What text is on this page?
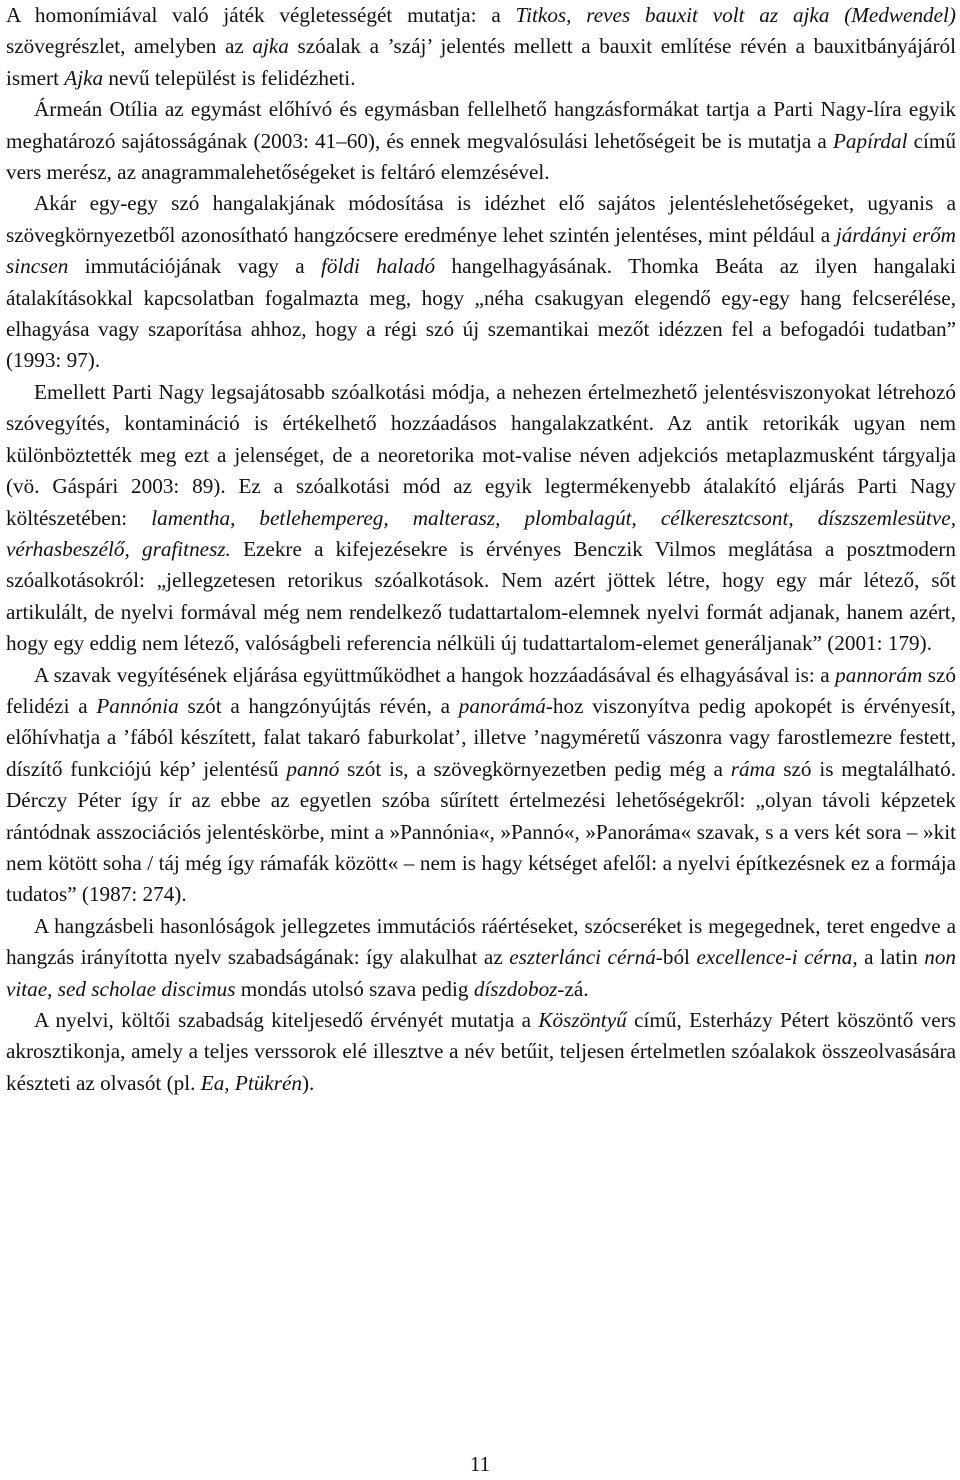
A homonímiával való játék végletességét mutatja: a Titkos, reves bauxit volt az ajka (Medwendel) szövegrészlet, amelyben az ajka szóalak a ’száj’ jelentés mellett a bauxit említése révén a bauxitbányájáról ismert Ajka nevű települést is felidézheti.

Ármeán Otília az egymást előhívó és egymásban fellelhető hangzásformákat tartja a Parti Nagy-líra egyik meghatározó sajátosságának (2003: 41–60), és ennek megvalósulási lehetőségeit be is mutatja a Papírdal című vers merész, az anagrammalehetőségeket is feltáró elemzésével.

Akár egy-egy szó hangalakjának módosítása is idézhet elő sajátos jelentéslehetőségeket, ugyanis a szövegkörnyezetből azonosítható hangzócsere eredménye lehet szintén jelentéses, mint például a járdányi erőm sincsen immutációjának vagy a földi haladó hangelhagyásának. Thomka Beáta az ilyen hangalaki átalakításokkal kapcsolatban fogalmazta meg, hogy „néha csakugyan elegendő egy-egy hang felcserélése, elhagyása vagy szaporítása ahhoz, hogy a régi szó új szemantikai mezőt idézzen fel a befogadói tudatban” (1993: 97).

Emellett Parti Nagy legsajátosabb szóalkotási módja, a nehezen értelmezhető jelentésviszonyokat létrehozó szóvegyítés, kontamináció is értékelhető hozzáadásos hangalakzatként. Az antik retorikák ugyan nem különböztették meg ezt a jelenséget, de a neoretorika mot-valise néven adjekciós metaplazmusként tárgyalja (vö. Gáspári 2003: 89). Ez a szóalkotási mód az egyik legtermékenyebb átalakító eljárás Parti Nagy költészetében: lamentha, betlehempereg, malterasz, plombalagút, célkeresztcsont, díszszemlesütve, vérhasbeszélő, grafitnesz. Ezekre a kifejezésekre is érvényes Benczik Vilmos meglátása a posztmodern szóalkotásokról: „jellegzetesen retorikus szóalkotások. Nem azért jöttek létre, hogy egy már létező, sőt artikulált, de nyelvi formával még nem rendelkező tudattartalom-elemnek nyelvi formát adjanak, hanem azért, hogy egy eddig nem létező, valóságbeli referencia nélküli új tudattartalom-elemet generáljanak” (2001: 179).

A szavak vegyítésének eljárása együttműködhet a hangok hozzáadásával és elhagyásával is: a pannorám szó felidézi a Pannónia szót a hangzónyújtás révén, a panorámá-hoz viszonyítva pedig apokopét is érvényesít, előhívhatja a ’fából készített, falat takaró faburkolat’, illetve ’nagyméretű vászonra vagy farostlemezre festett, díszítő funkciójú kép’ jelentésű pannó szót is, a szövegkörnyezetben pedig még a ráma szó is megtalálható. Dérczy Péter így ír az ebbe az egyetlen szóba sűrített értelmezési lehetőségekről: „olyan távoli képzetek rántódnak asszociációs jelentéskörbe, mint a »Pannónia«, »Pannó«, »Panoráma« szavak, s a vers két sora – »kit nem kötött soha / táj még így rámafák között« – nem is hagy kétséget afelől: a nyelvi építkezésnek ez a formája tudatos” (1987: 274).

A hangzásbeli hasonlóságok jellegzetes immutációs ráértéseket, szócseréket is megegednek, teret engedve a hangzás irányította nyelv szabadságának: így alakulhat az eszterlánci cérná-ból excellence-i cérna, a latin non vitae, sed scholae discimus mondás utolsó szava pedig díszdoboz-zá.

A nyelvi, költői szabadság kiteljesedő érvényét mutatja a Köszöntyű című, Esterházy Pétert köszöntő vers akrosztikonja, amely a teljes verssorok elé illesztve a név betűit, teljesen értelmetlen szóalakok összeolvasására készteti az olvasót (pl. Ea, Ptükrén).

11
